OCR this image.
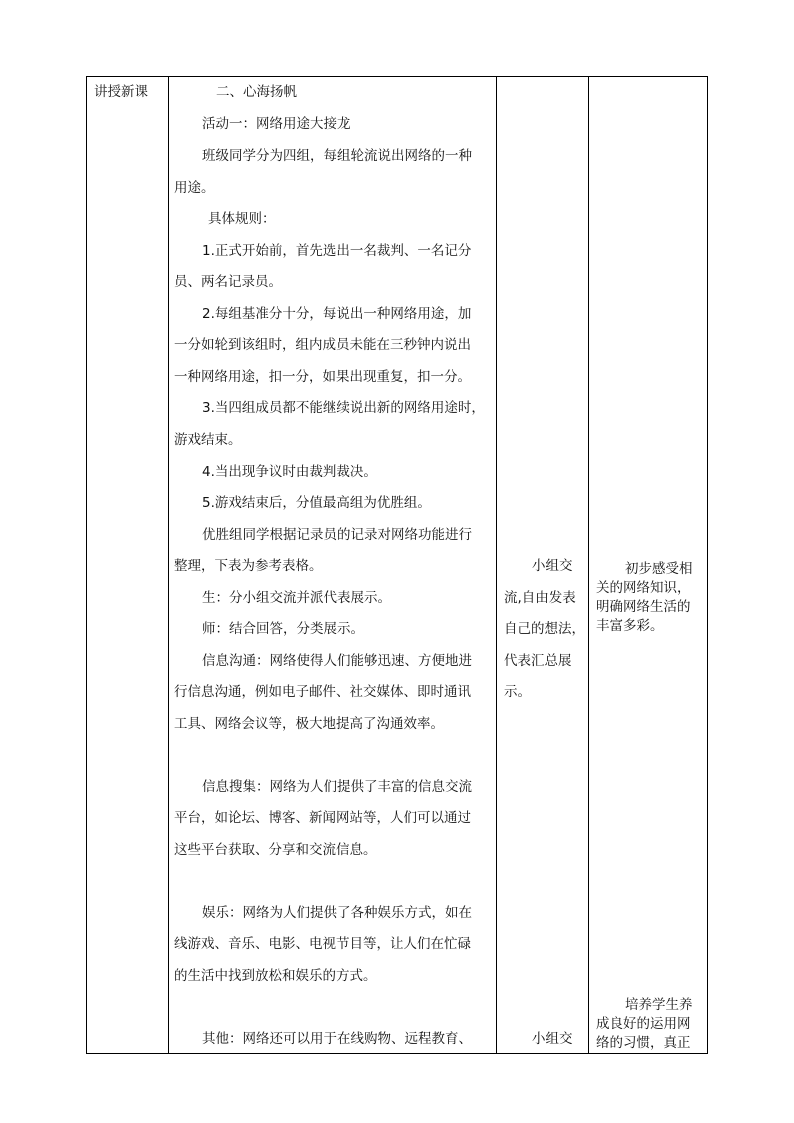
讲授新课	二、心海扬帆
活动一：网络用途大接龙
班级同学分为四组，每组轮流说出网络的一种
用途。
具体规则：
1.正式开始前，首先选出一名裁判、一名记分
员、两名记录员。
2.每组基准分十分，每说出一种网络用途，加
一分如轮到该组时，组内成员未能在三秒钟内说出
一种网络用途，扣一分，如果出现重复，扣一分。
3.当四组成员都不能继续说出新的网络用途时，
游戏结束。
4.当出现争议时由裁判裁决。
5.游戏结束后，分值最高组为优胜组。
优胜组同学根据记录员的记录对网络功能进行
整理，下表为参考表格。
生：分小组交流并派代表展示。
师：结合回答，分类展示。
信息沟通：网络使得人们能够迅速、方便地进
行信息沟通，例如电子邮件、社交媒体、即时通讯
工具、网络会议等，极大地提高了沟通效率。
信息搜集：网络为人们提供了丰富的信息交流
平台，如论坛、博客、新闻网站等，人们可以通过
这些平台获取、分享和交流信息。
娱乐：网络为人们提供了各种娱乐方式，如在
线游戏、音乐、电影、电视节目等，让人们在忙碌
的生活中找到放松和娱乐的方式。
其他：网络还可以用于在线购物、远程教育、
小组交
流,自由发表
自己的想法，
代表汇总展
示。
小组交
初步感受相
关的网络知识，
明确网络生活的
丰富多彩。
培养学生养
成良好的运用网
络的习惯，真正
